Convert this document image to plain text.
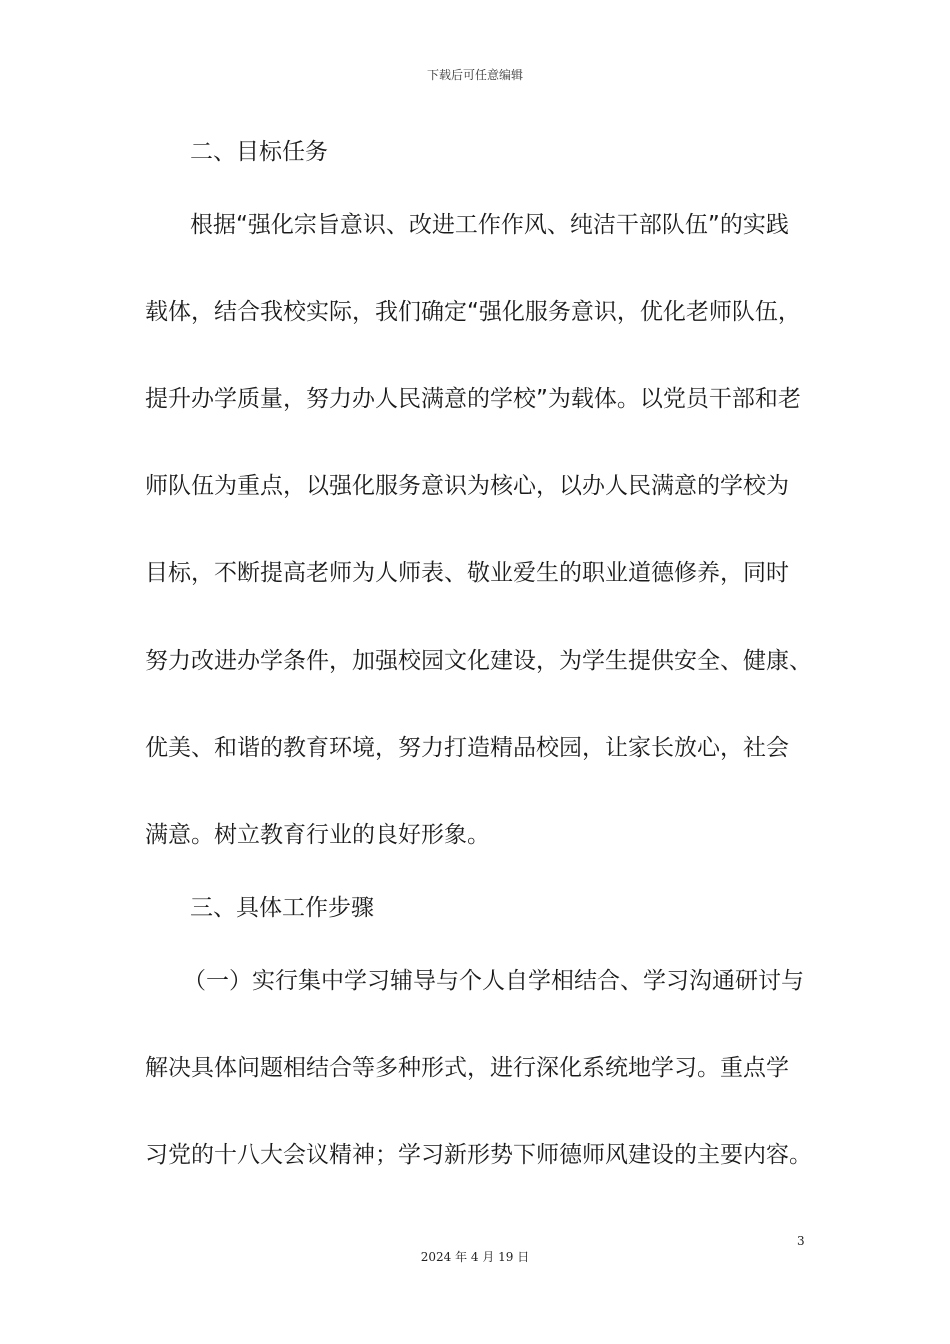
下载后可任意编辑
二、目标任务
根据“强化宗旨意识、改进工作作风、纯洁干部队伍”的实践
载体，结合我校实际，我们确定“强化服务意识，优化老师队伍，
提升办学质量，努力办人民满意的学校”为载体。以党员干部和老
师队伍为重点，以强化服务意识为核心，以办人民满意的学校为
目标，不断提高老师为人师表、敬业爱生的职业道德修养，同时
努力改进办学条件，加强校园文化建设，为学生提供安全、健康、
优美、和谐的教育环境，努力打造精品校园，让家长放心，社会
满意。树立教育行业的良好形象。
三、具体工作步骤
（一）实行集中学习辅导与个人自学相结合、学习沟通研讨与
解决具体问题相结合等多种形式，进行深化系统地学习。重点学
习党的十八大会议精神；学习新形势下师德师风建设的主要内容。
3
2024 年 4 月 19 日
